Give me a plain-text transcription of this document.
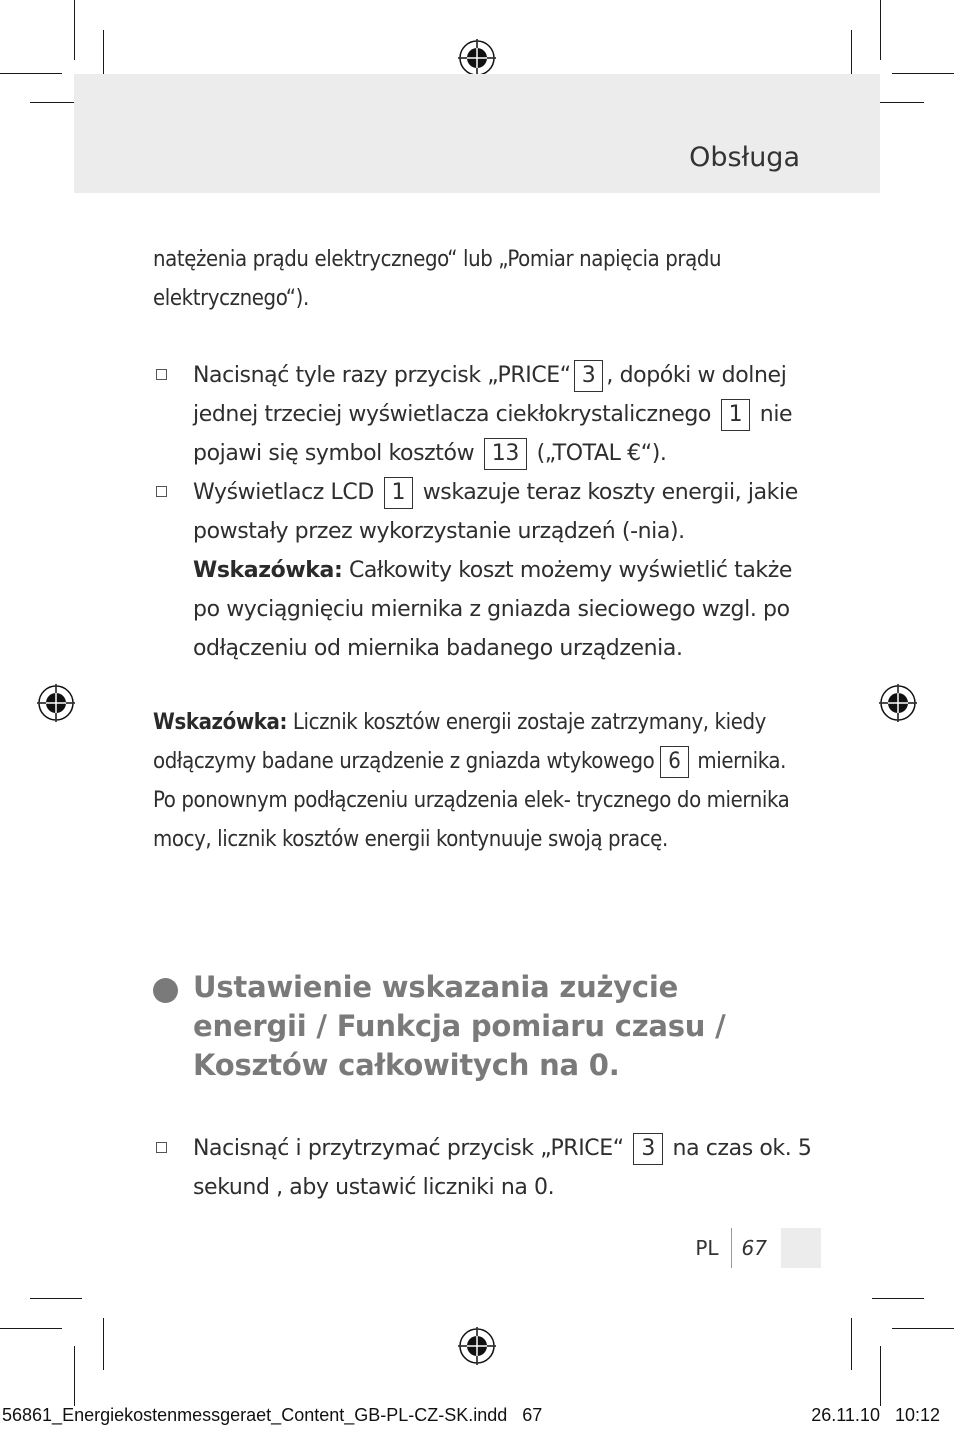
Obsługa
natężenia prądu elektrycznego“ lub „Pomiar napięcia prądu
elektrycznego“).
Nacisnąć tyle razy przycisk „PRICE“ 3 , dopóki w dolnej jednej trzeciej wyświetlacza ciekłokrystalicznego 1 nie pojawi się symbol kosztów 13 („TOTAL €“).
Wyświetlacz LCD 1 wskazuje teraz koszty energii, jakie powstały przez wykorzystanie urządzeń (-nia). Wskazówka: Całkowity koszt możemy wyświetlić także po wyciągnięciu miernika z gniazda sieciowego wzgl. po odłączeniu od miernika badanego urządzenia.
Wskazówka: Licznik kosztów energii zostaje zatrzymany, kiedy odłączymy badane urządzenie z gniazda wtykowego 6 miernika. Po ponownym podłączeniu urządzenia elek- trycznego do miernika mocy, licznik kosztów energii kontynuuje swoją pracę.
Ustawienie wskazania zużycie
energii / Funkcja pomiaru czasu /
Kosztów całkowitych na 0.
Nacisnąć i przytrzymać przycisk „PRICE“ 3 na czas ok. 5 sekund , aby ustawić liczniki na 0.
PL	67
56861_Energiekostenmessgeraet_Content_GB-PL-CZ-SK.indd   67	26.11.10   10:12
